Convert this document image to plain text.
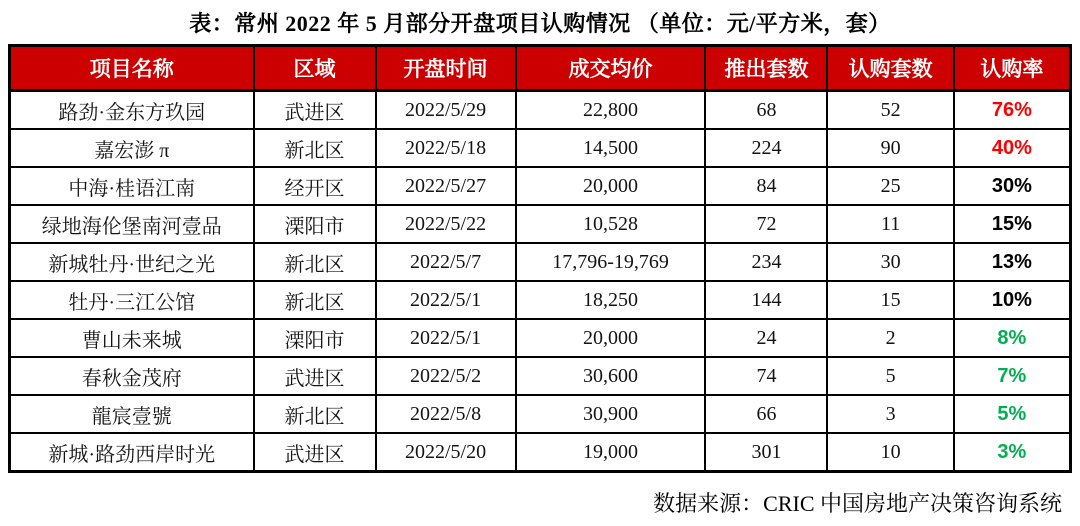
表：常州 2022 年 5 月部分开盘项目认购情况 （单位：元/平方米，套）
项目名称	区域	开盘时间	成交均价	推出套数	认购套数	认购率
路劲·金东方玖园	武进区	2022/5/29	22,800	68	52	76%
嘉宏澎 π	新北区	2022/5/18	14,500	224	90	40%
中海·桂语江南	经开区	2022/5/27	20,000	84	25	30%
绿地海伦堡南河壹品	溧阳市	2022/5/22	10,528	72	11	15%
新城牡丹·世纪之光	新北区	2022/5/7	17,796-19,769	234	30	13%
牡丹·三江公馆	新北区	2022/5/1	18,250	144	15	10%
曹山未来城	溧阳市	2022/5/1	20,000	24	2	8%
春秋金茂府	武进区	2022/5/2	30,600	74	5	7%
龍宸壹號	新北区	2022/5/8	30,900	66	3	5%
新城·路劲西岸时光	武进区	2022/5/20	19,000	301	10	3%
数据来源：CRIC 中国房地产决策咨询系统
